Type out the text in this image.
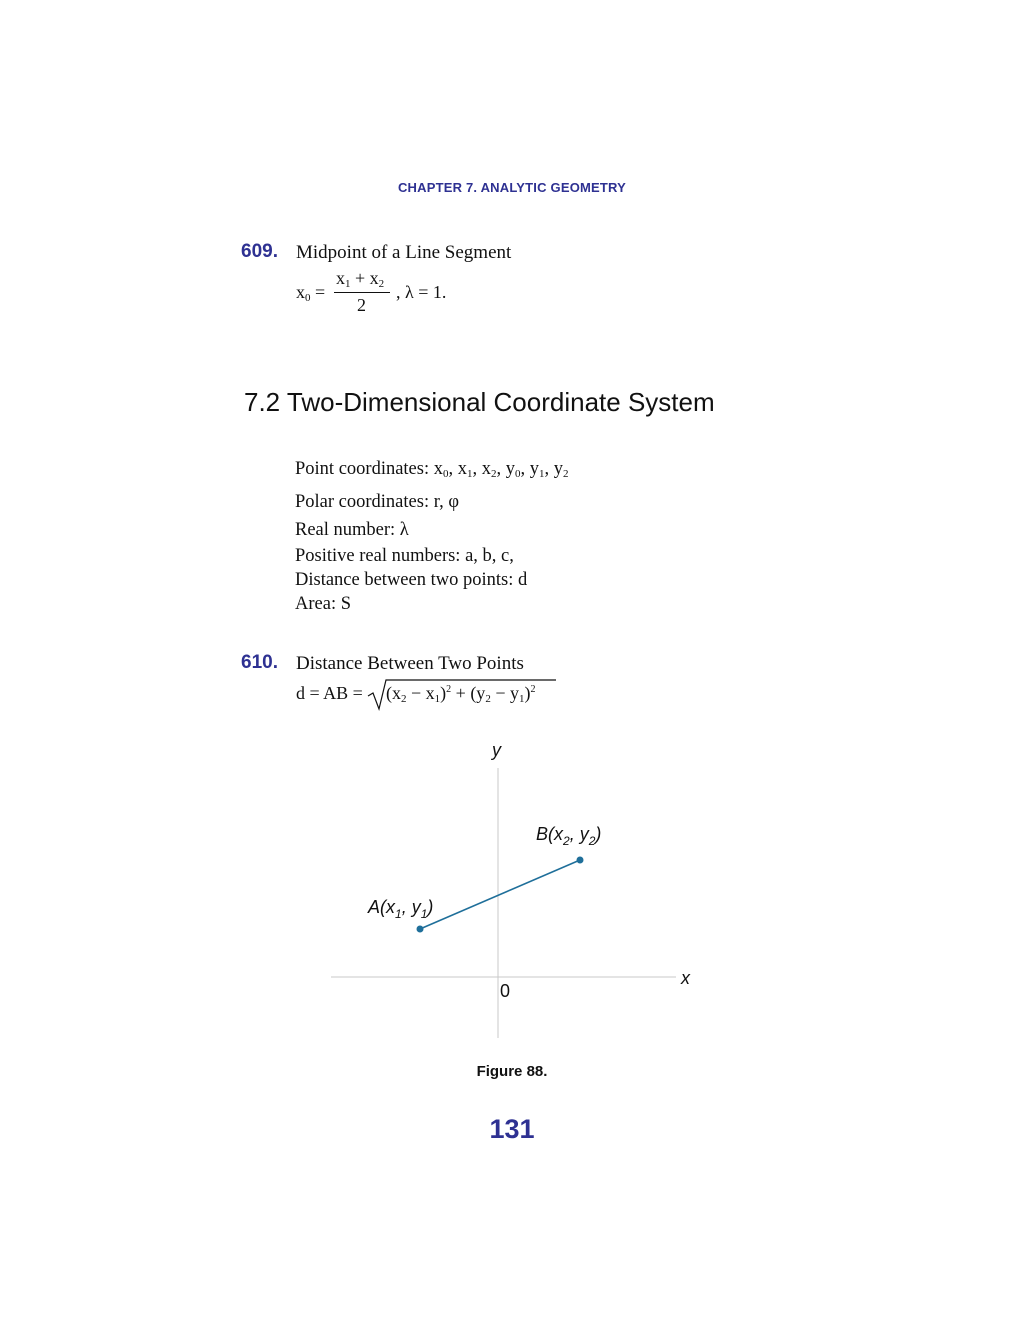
CHAPTER 7. ANALYTIC GEOMETRY
609. Midpoint of a Line Segment
$x_0$ =
$x_1 + x_2$
2
, λ = 1.
7.2 Two-Dimensional Coordinate System
Point coordinates: $x_0$, $x_1$, $x_2$, $y_0$, $y_1$, $y_2$
Polar coordinates: r, φ
Real number: λ
Positive real numbers: a, b, c,
Distance between two points: d
Area: S
610. Distance Between Two Points
d = AB = $(x_2 - x_1)^2 + (y_2 - y_1)^2$
y
x
0
$A(x_1$, $y_1$)
$B(x_2$, $y_2$)
Figure 88.
131
